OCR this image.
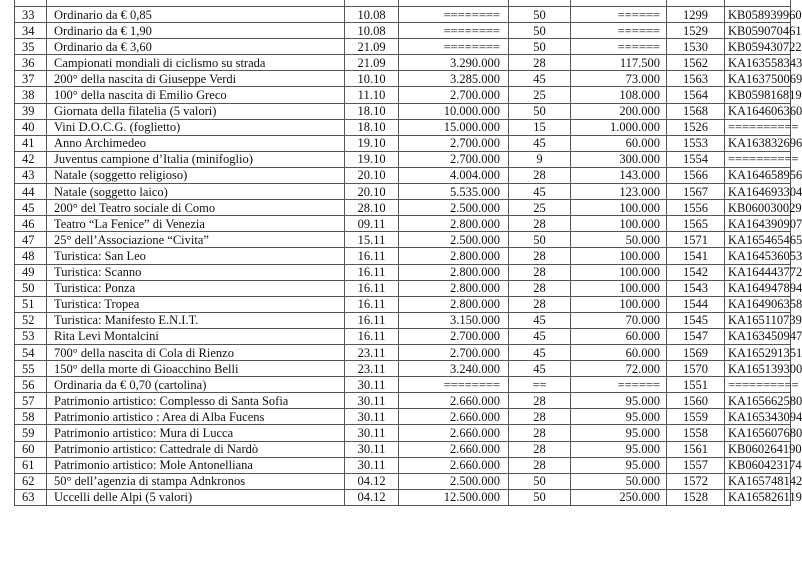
33	Ordinario da € 0,85	10.08	========	50	======	1299	KB058939960
34	Ordinario da € 1,90	10.08	========	50	======	1529	KB059070461
35	Ordinario da € 3,60	21.09	========	50	======	1530	KB059430722
36	Campionati mondiali di ciclismo su strada	21.09	3.290.000	28	117.500	1562	KA163558343
37	200° della nascita di Giuseppe Verdi	10.10	3.285.000	45	73.000	1563	KA163750069
38	100° della nascita di Emilio Greco	11.10	2.700.000	25	108.000	1564	KB059816819
39	Giornata della filatelia (5 valori)	18.10	10.000.000	50	200.000	1568	KA164606360
40	Vini D.O.C.G. (foglietto)	18.10	15.000.000	15	1.000.000	1526	==========
41	Anno Archimedeo	19.10	2.700.000	45	60.000	1553	KA163832696
42	Juventus campione d’Italia (minifoglio)	19.10	2.700.000	9	300.000	1554	==========
43	Natale (soggetto religioso)	20.10	4.004.000	28	143.000	1566	KA164658956
44	Natale (soggetto laico)	20.10	5.535.000	45	123.000	1567	KA164693304
45	200° del Teatro sociale di Como	28.10	2.500.000	25	100.000	1556	KB060030029
46	Teatro “La Fenice” di Venezia	09.11	2.800.000	28	100.000	1565	KA164390907
47	25° dell’Associazione “Civita”	15.11	2.500.000	50	50.000	1571	KA165465465
48	Turistica: San Leo	16.11	2.800.000	28	100.000	1541	KA164536053
49	Turistica: Scanno	16.11	2.800.000	28	100.000	1542	KA164443772
50	Turistica: Ponza	16.11	2.800.000	28	100.000	1543	KA164947894
51	Turistica: Tropea	16.11	2.800.000	28	100.000	1544	KA164906358
52	Turistica: Manifesto E.N.I.T.	16.11	3.150.000	45	70.000	1545	KA165110739
53	Rita Levi Montalcini	16.11	2.700.000	45	60.000	1547	KA163450947
54	700° della nascita di Cola di Rienzo	23.11	2.700.000	45	60.000	1569	KA165291351
55	150° della morte di Gioacchino Belli	23.11	3.240.000	45	72.000	1570	KA165139300
56	Ordinaria da € 0,70 (cartolina)	30.11	========	==	======	1551	==========
57	Patrimonio artistico: Complesso di Santa Sofia	30.11	2.660.000	28	95.000	1560	KA165662580
58	Patrimonio artistico : Area di Alba Fucens	30.11	2.660.000	28	95.000	1559	KA165343094
59	Patrimonio artistico: Mura di Lucca	30.11	2.660.000	28	95.000	1558	KA165607680
60	Patrimonio artistico: Cattedrale di Nardò	30.11	2.660.000	28	95.000	1561	KB060264190
61	Patrimonio artistico: Mole Antonelliana	30.11	2.660.000	28	95.000	1557	KB060423174
62	50° dell’agenzia di stampa Adnkronos	04.12	2.500.000	50	50.000	1572	KA165748142
63	Uccelli delle Alpi (5 valori)	04.12	12.500.000	50	250.000	1528	KA165826119
